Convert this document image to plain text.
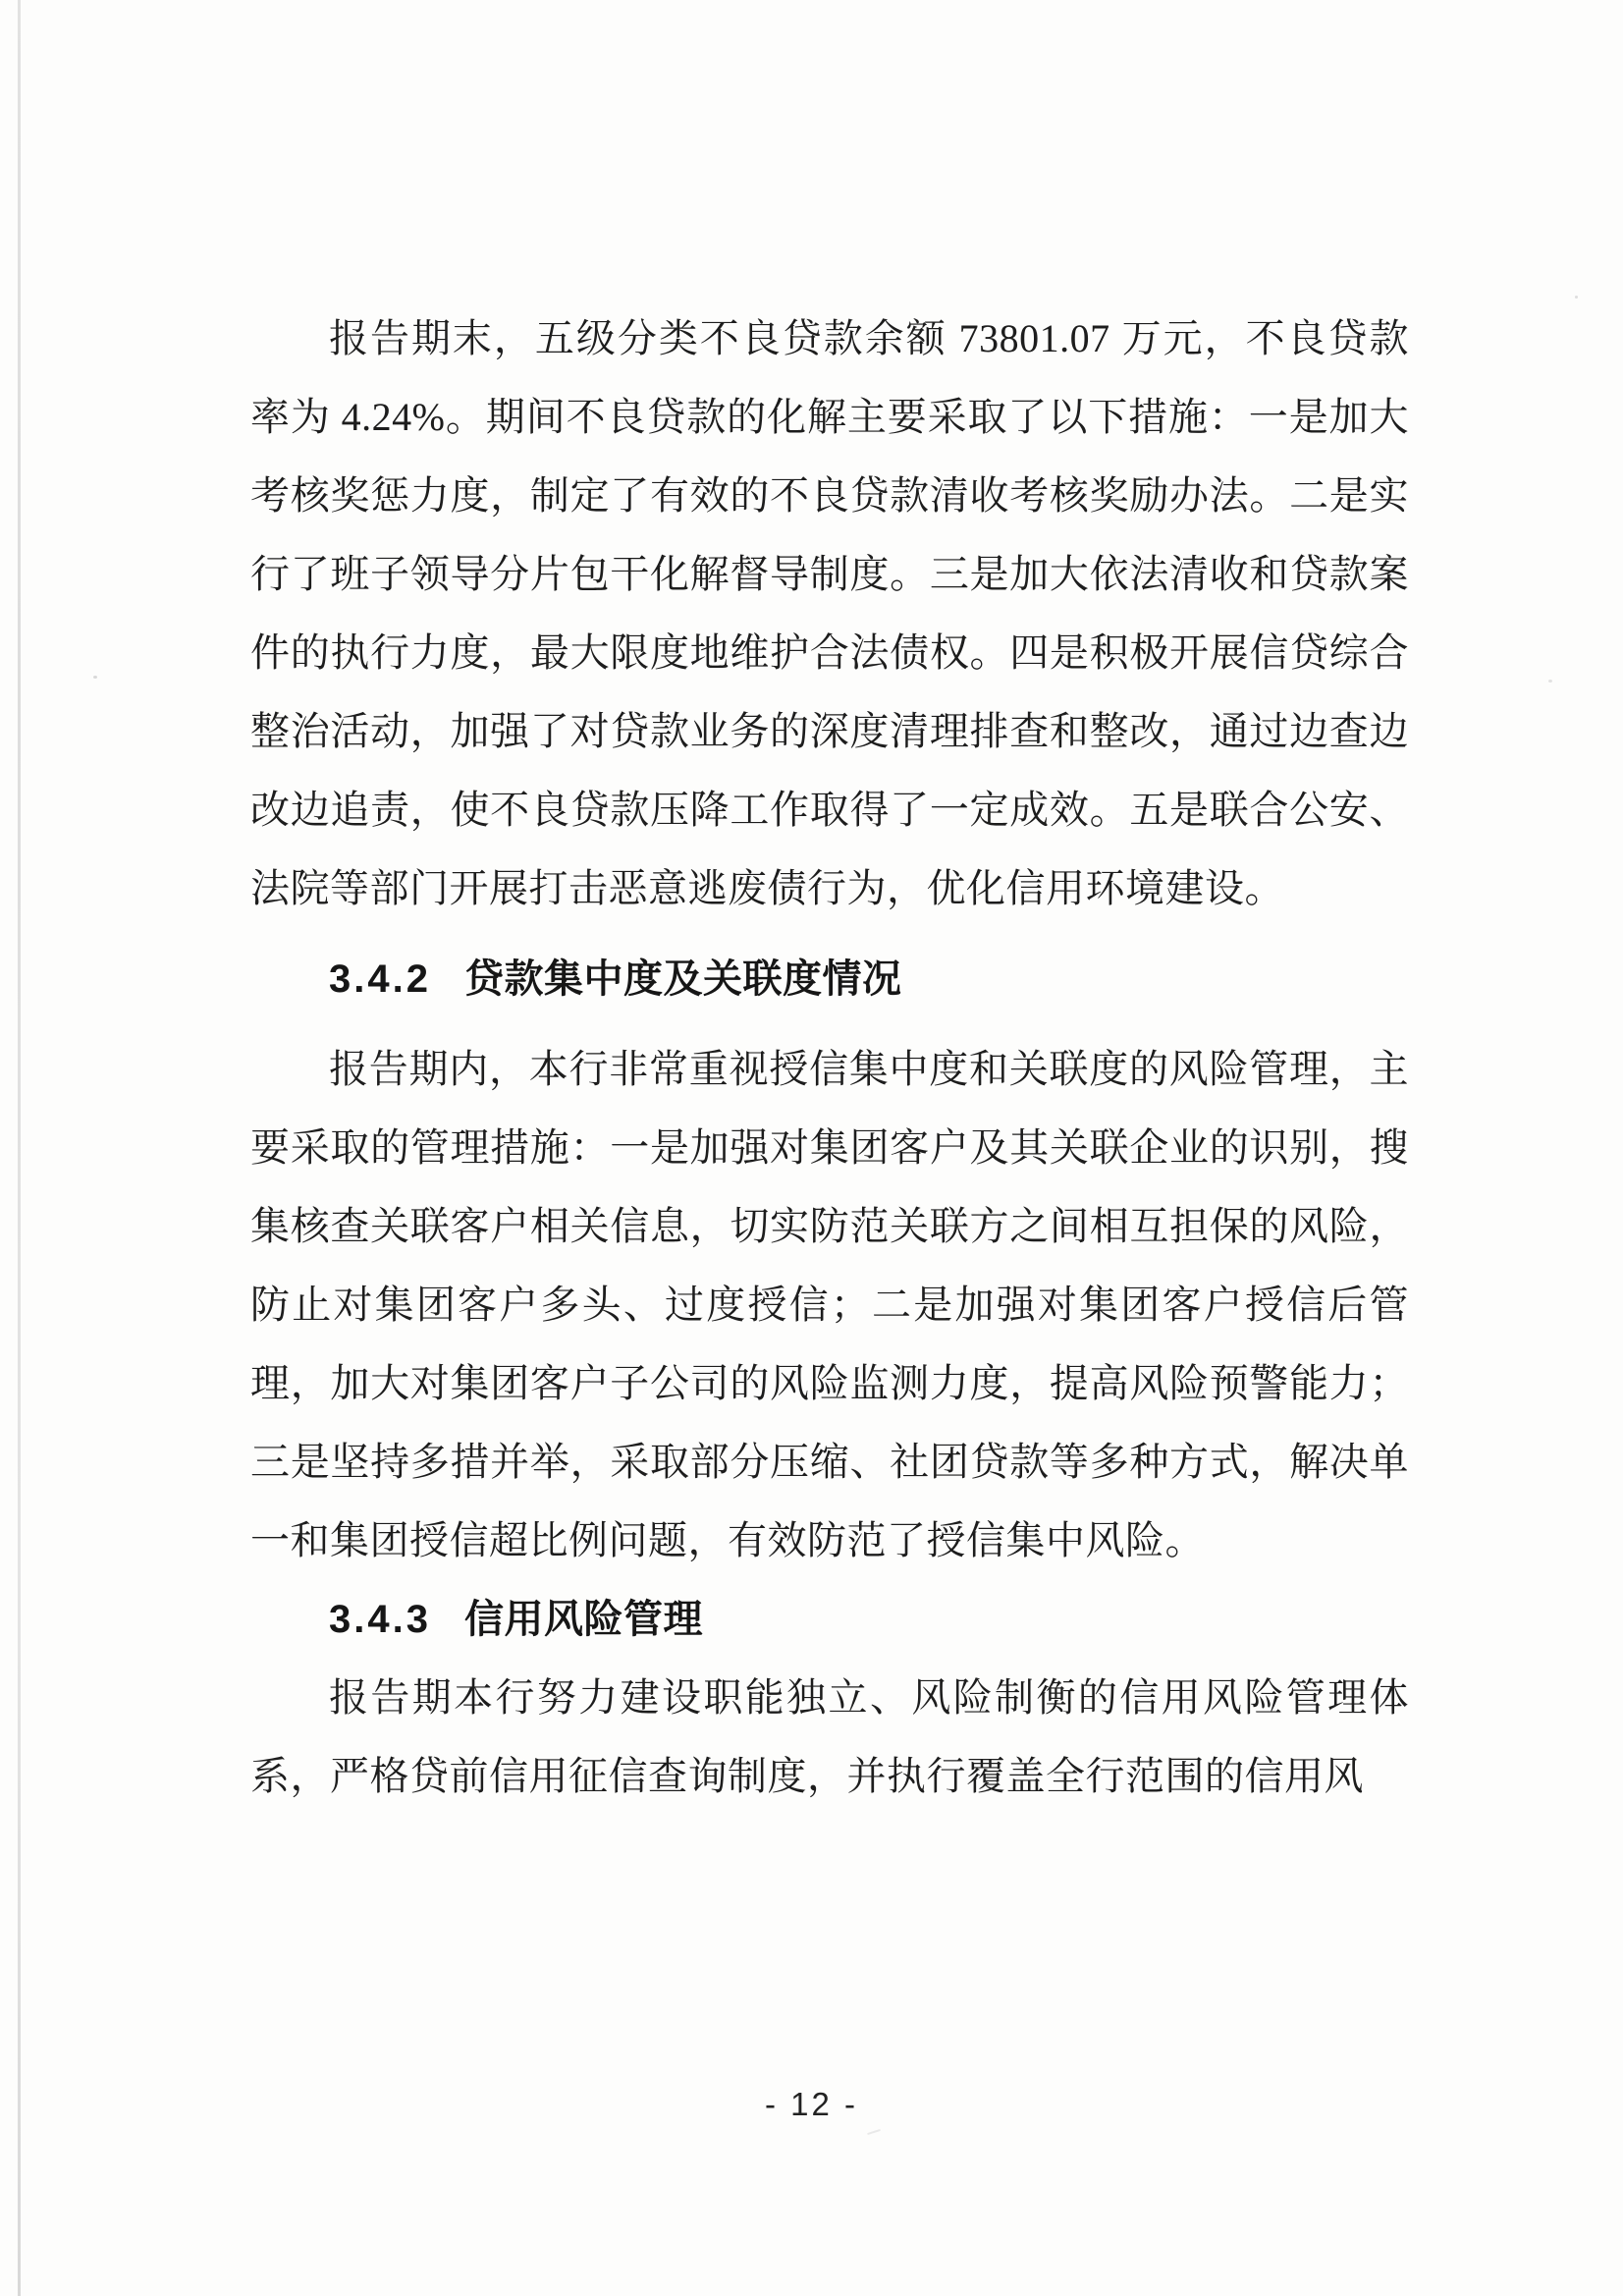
报告期末，五级分类不良贷款余额 73801.07 万元，不良贷款率为 4.24%。期间不良贷款的化解主要采取了以下措施：一是加大考核奖惩力度，制定了有效的不良贷款清收考核奖励办法。二是实行了班子领导分片包干化解督导制度。三是加大依法清收和贷款案件的执行力度，最大限度地维护合法债权。四是积极开展信贷综合整治活动，加强了对贷款业务的深度清理排查和整改，通过边查边改边追责，使不良贷款压降工作取得了一定成效。五是联合公安、法院等部门开展打击恶意逃废债行为，优化信用环境建设。

3.4.2 贷款集中度及关联度情况

报告期内，本行非常重视授信集中度和关联度的风险管理，主要采取的管理措施：一是加强对集团客户及其关联企业的识别，搜集核查关联客户相关信息，切实防范关联方之间相互担保的风险，防止对集团客户多头、过度授信；二是加强对集团客户授信后管理，加大对集团客户子公司的风险监测力度，提高风险预警能力；三是坚持多措并举，采取部分压缩、社团贷款等多种方式，解决单一和集团授信超比例问题，有效防范了授信集中风险。

3.4.3 信用风险管理

报告期本行努力建设职能独立、风险制衡的信用风险管理体系，严格贷前信用征信查询制度，并执行覆盖全行范围的信用风

- 12 -
